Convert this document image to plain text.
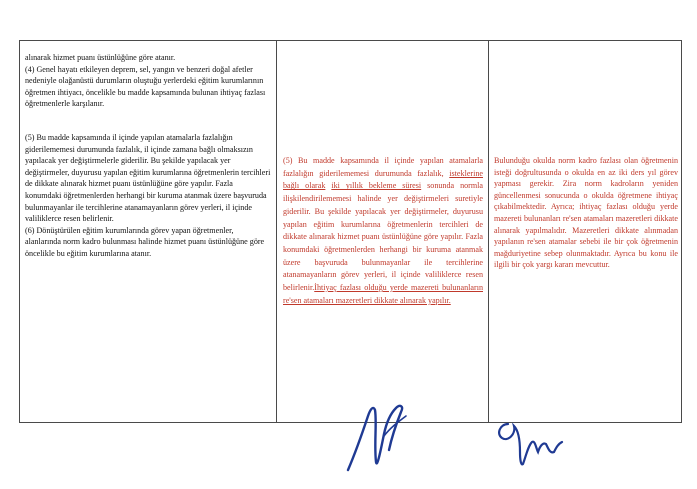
alınarak hizmet puanı üstünlüğüne göre atanır.

(4) Genel hayatı etkileyen deprem, sel, yangın ve benzeri doğal afetler nedeniyle olağanüstü durumların oluştuğu yerlerdeki eğitim kurumlarının öğretmen ihtiyacı, öncelikle bu madde kapsamında bulunan ihtiyaç fazlası öğretmenlerle karşılanır.

(5) Bu madde kapsamında il içinde yapılan atamalarla fazlalığın giderilememesi durumunda fazlalık, il içinde zamana bağlı olmaksızın yapılacak yer değiştirmelerle giderilir. Bu şekilde yapılacak yer değiştirmeler, duyurusu yapılan eğitim kurumlarına öğretmenlerin tercihleri de dikkate alınarak hizmet puanı üstünlüğüne göre yapılır. Fazla konumdaki öğretmenlerden herhangi bir kuruma atanmak üzere başvuruda bulunmayanlar ile tercihlerine atanamayanların görev yerleri, il içinde valiliklerce resen belirlenir.

(6) Dönüştürülen eğitim kurumlarında görev yapan öğretmenler, alanlarında norm kadro bulunması halinde hizmet puanı üstünlüğüne göre öncelikle bu eğitim kurumlarına atanır.

(5) Bu madde kapsamında il içinde yapılan atamalarla fazlalığın giderilememesi durumunda fazlalık, isteklerine bağlı olarak iki yıllık bekleme süresi sonunda normla ilişkilendirilememesi halinde yer değiştirmeleri suretiyle giderilir. Bu şekilde yapılacak yer değiştirmeler, duyurusu yapılan eğitim kurumlarına öğretmenlerin tercihleri de dikkate alınarak hizmet puanı üstünlüğüne göre yapılır. Fazla konumdaki öğretmenlerden herhangi bir kuruma atanmak üzere başvuruda bulunmayanlar ile tercihlerine atanamayanların görev yerleri, il içinde valiliklerce resen belirlenir.İhtiyaç fazlası olduğu yerde mazereti bulunanların re'sen atamaları mazeretleri dikkate alınarak yapılır.

Bulunduğu okulda norm kadro fazlası olan öğretmenin isteği doğrultusunda o okulda en az iki ders yıl görev yapması gerekir. Zira norm kadroların yeniden güncellenmesi sonucunda o okulda öğretmene ihtiyaç çıkabilmektedir. Ayrıca; ihtiyaç fazlası olduğu yerde mazereti bulunanları re'sen atamaları mazeretleri dikkate alınarak yapılmalıdır. Mazeretleri dikkate alınmadan yapılanın re'sen atamalar sebebi ile bir çok öğretmenin mağduriyetine sebep olunmaktadır. Ayrıca bu konu ile ilgili bir çok yargı kararı mevcuttur.
